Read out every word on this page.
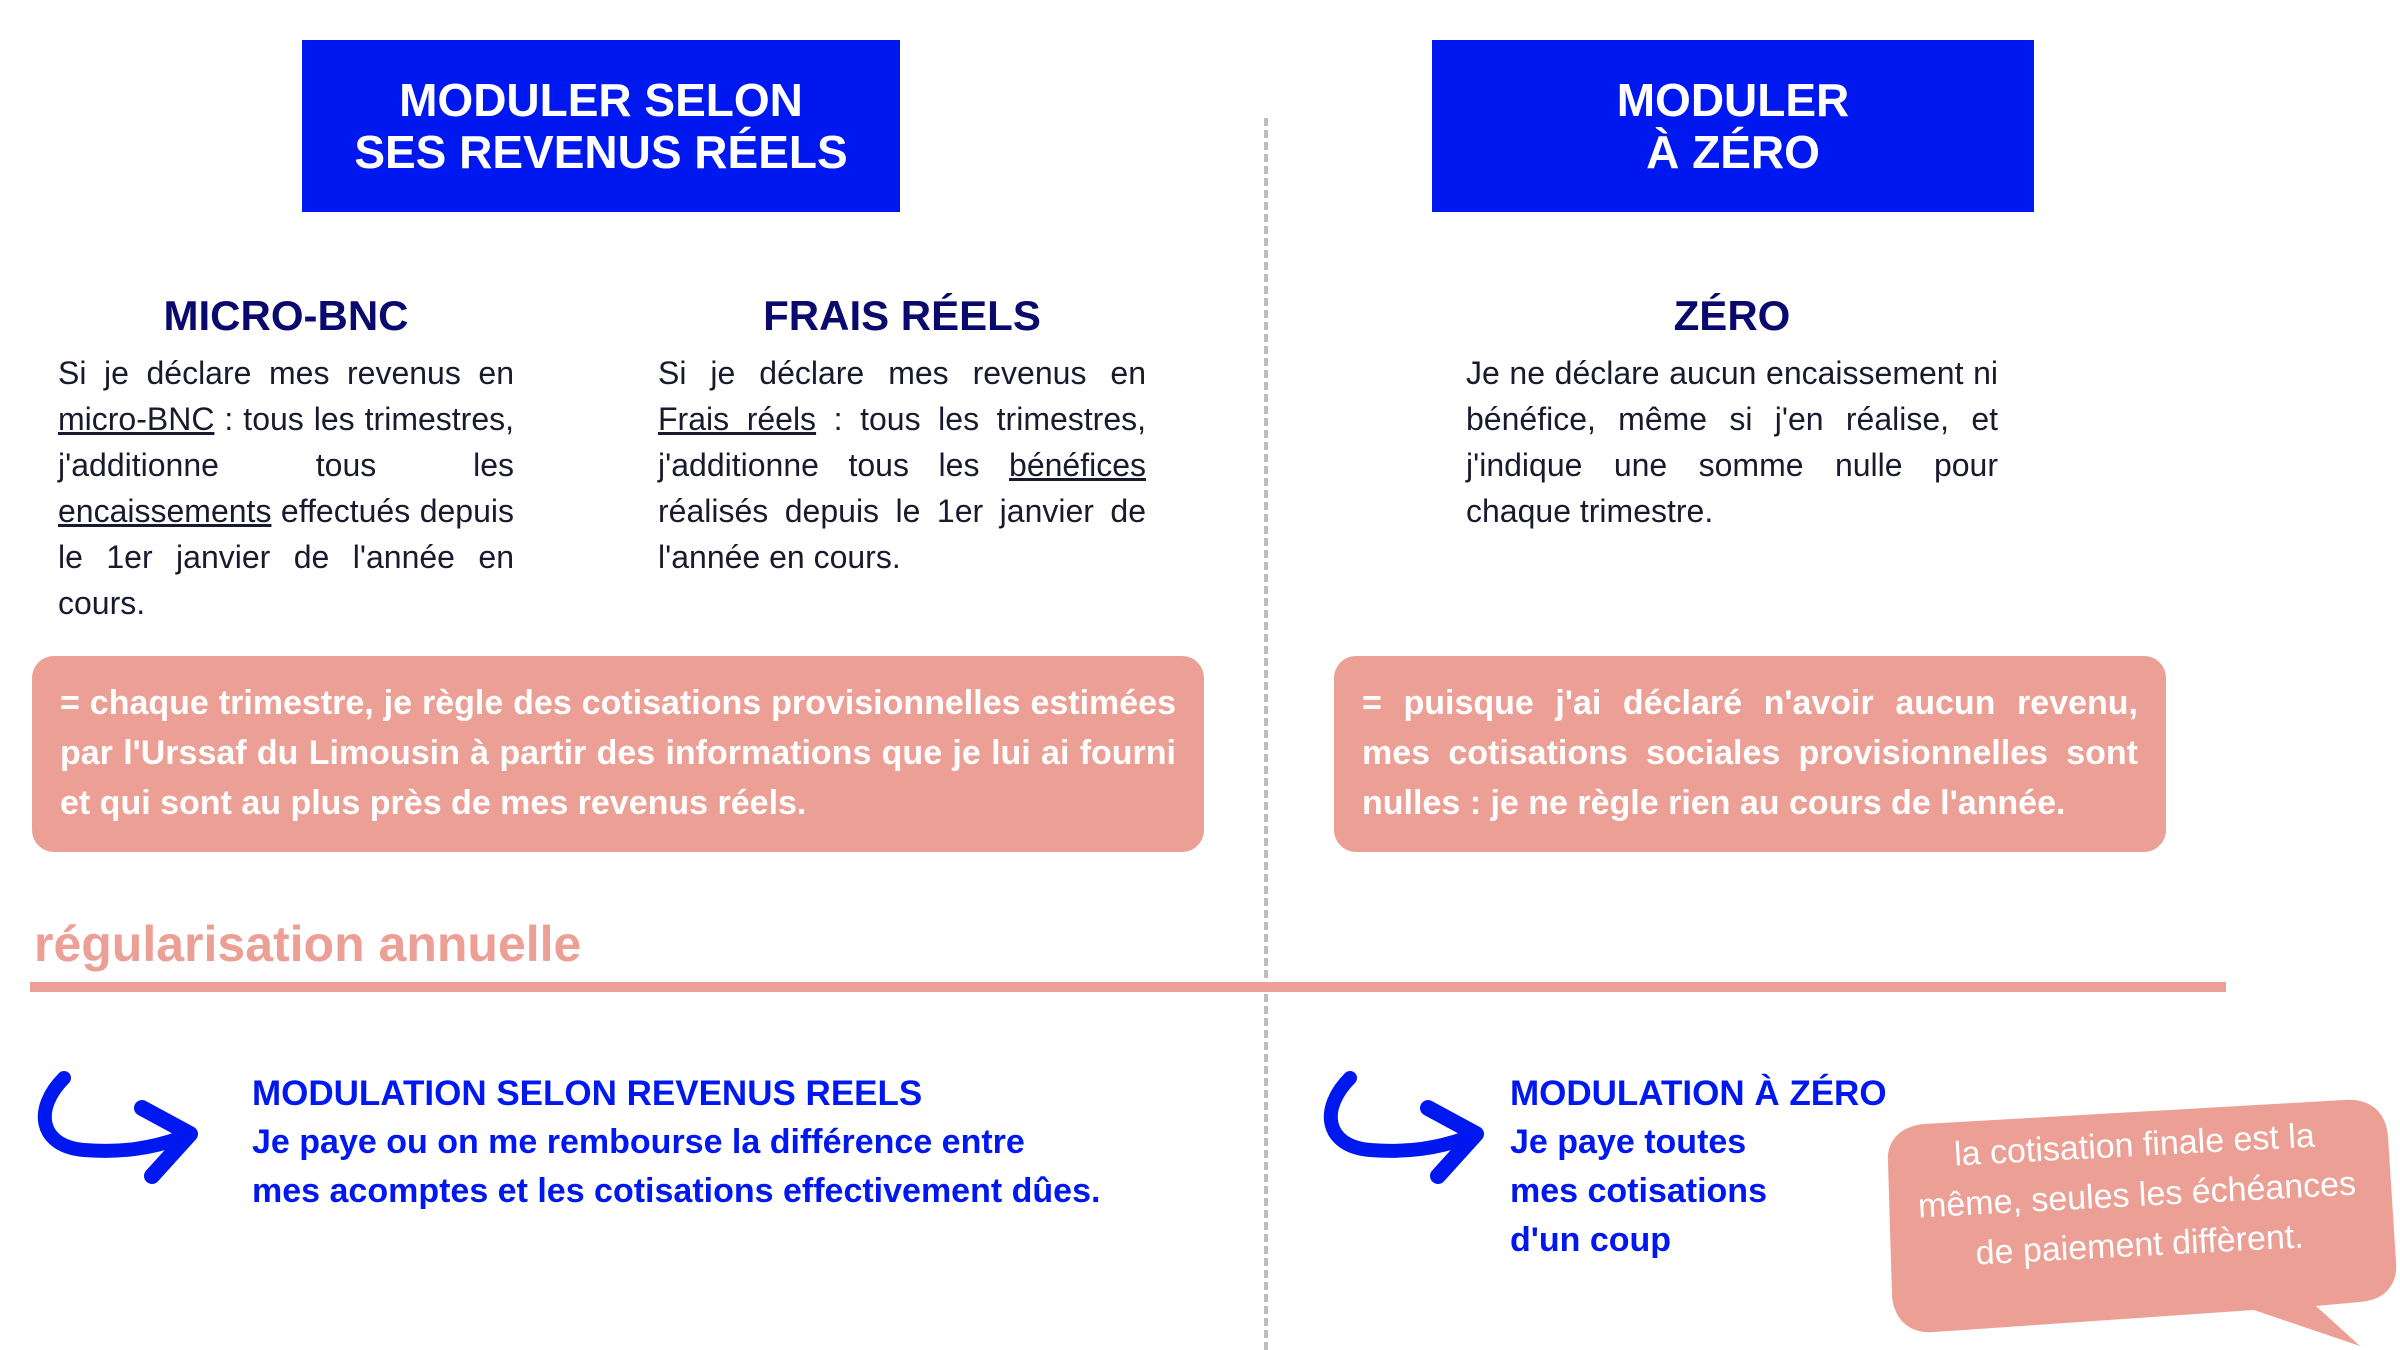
MODULER SELON
SES REVENUS RÉELS
MODULER
À ZÉRO
MICRO-BNC	FRAIS RÉELS	ZÉRO
Si je déclare mes revenus en micro-BNC : tous les trimestres, j'additionne tous les encaissements effectués depuis le 1er janvier de l'année en cours.
Si je déclare mes revenus en Frais réels : tous les trimestres, j'additionne tous les bénéfices réalisés depuis le 1er janvier de l'année en cours.
Je ne déclare aucun encaissement ni bénéfice, même si j'en réalise, et j'indique une somme nulle pour chaque trimestre.
= chaque trimestre, je règle des cotisations provisionnelles estimées par l'Urssaf du Limousin à partir des informations que je lui ai fourni et qui sont au plus près de mes revenus réels.
= puisque j'ai déclaré n'avoir aucun revenu, mes cotisations sociales provisionnelles sont nulles : je ne règle rien au cours de l'année.
régularisation annuelle
MODULATION SELON REVENUS REELS
Je paye ou on me rembourse la différence entre
mes acomptes et les cotisations effectivement dûes.
MODULATION À ZÉRO
Je paye toutes
mes cotisations
d'un coup
la cotisation finale est la
même, seules les échéances
de paiement diffèrent.
